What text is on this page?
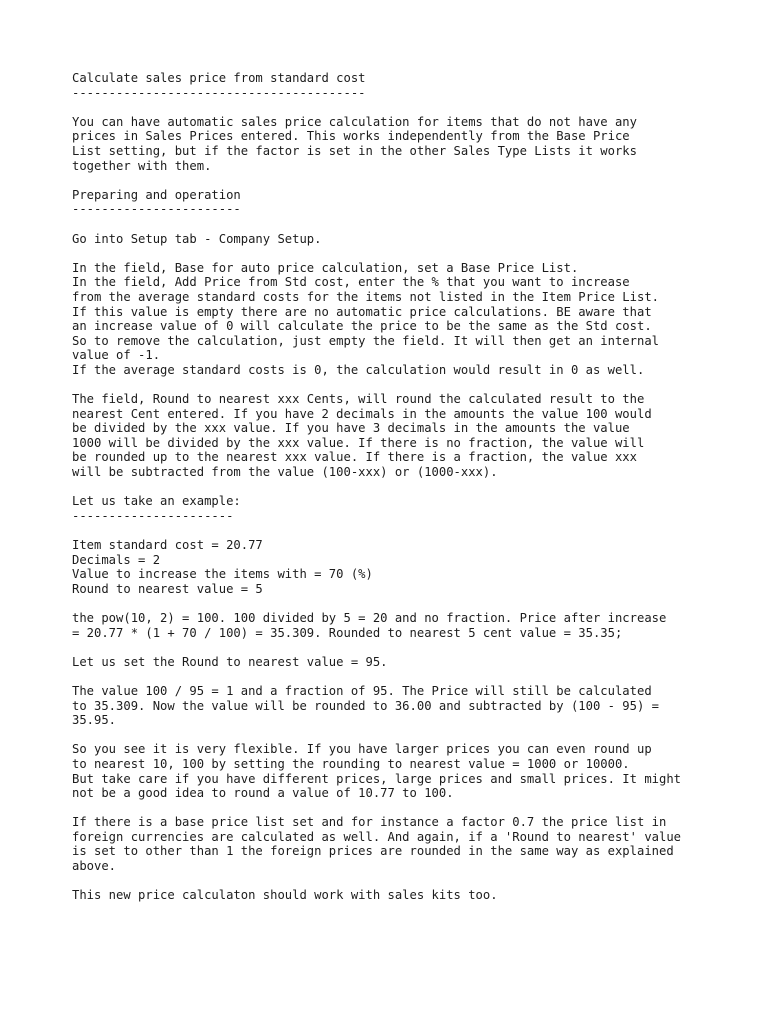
Calculate sales price from standard cost
----------------------------------------
You can have automatic sales price calculation for items that do not have any
prices in Sales Prices entered. This works independently from the Base Price
List setting, but if the factor is set in the other Sales Type Lists it works
together with them.
Preparing and operation
-----------------------
Go into Setup tab - Company Setup.
In the field, Base for auto price calculation, set a Base Price List.
In the field, Add Price from Std cost, enter the % that you want to increase
from the average standard costs for the items not listed in the Item Price List.
If this value is empty there are no automatic price calculations. BE aware that
an increase value of 0 will calculate the price to be the same as the Std cost.
So to remove the calculation, just empty the field. It will then get an internal
value of -1.
If the average standard costs is 0, the calculation would result in 0 as well.
The field, Round to nearest xxx Cents, will round the calculated result to the
nearest Cent entered. If you have 2 decimals in the amounts the value 100 would
be divided by the xxx value. If you have 3 decimals in the amounts the value
1000 will be divided by the xxx value. If there is no fraction, the value will
be rounded up to the nearest xxx value. If there is a fraction, the value xxx
will be subtracted from the value (100-xxx) or (1000-xxx).
Let us take an example:
----------------------
Item standard cost = 20.77
Decimals = 2
Value to increase the items with = 70 (%)
Round to nearest value = 5
the pow(10, 2) = 100. 100 divided by 5 = 20 and no fraction. Price after increase
= 20.77 * (1 + 70 / 100) = 35.309. Rounded to nearest 5 cent value = 35.35;
Let us set the Round to nearest value = 95.
The value 100 / 95 = 1 and a fraction of 95. The Price will still be calculated
to 35.309. Now the value will be rounded to 36.00 and subtracted by (100 - 95) =
35.95.
So you see it is very flexible. If you have larger prices you can even round up
to nearest 10, 100 by setting the rounding to nearest value = 1000 or 10000.
But take care if you have different prices, large prices and small prices. It might
not be a good idea to round a value of 10.77 to 100.
If there is a base price list set and for instance a factor 0.7 the price list in
foreign currencies are calculated as well. And again, if a 'Round to nearest' value
is set to other than 1 the foreign prices are rounded in the same way as explained
above.
This new price calculaton should work with sales kits too.
